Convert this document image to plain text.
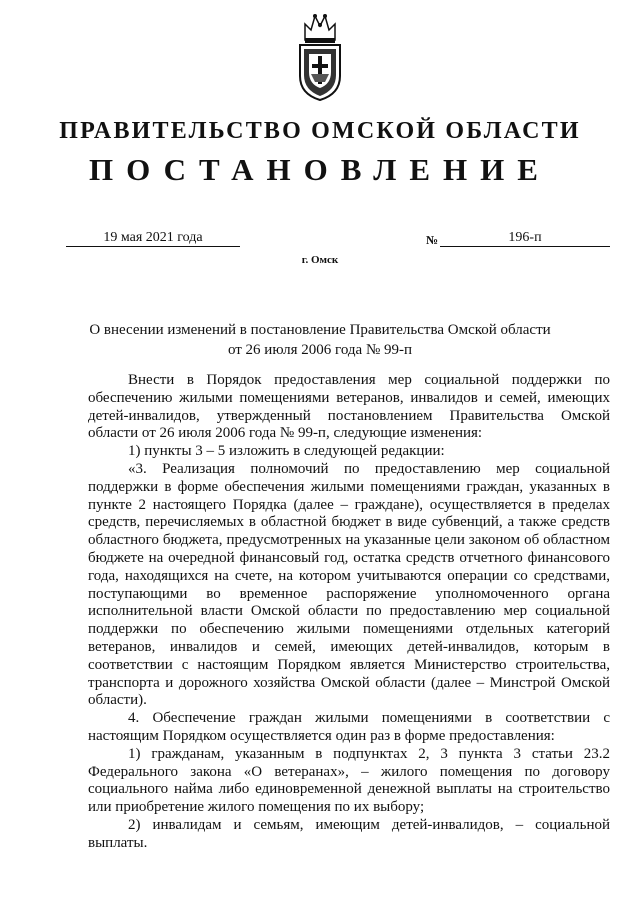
ПРАВИТЕЛЬСТВО ОМСКОЙ ОБЛАСТИ
ПОСТАНОВЛЕНИЕ
19 мая 2021 года	№	196-п
г. Омск
О внесении изменений в постановление Правительства Омской области
от 26 июля 2006 года № 99-п

Внести в Порядок предоставления мер социальной поддержки по обеспечению жилыми помещениями ветеранов, инвалидов и семей, имеющих детей-инвалидов, утвержденный постановлением Правительства Омской области от 26 июля 2006 года № 99-п, следующие изменения:

1) пункты 3 – 5 изложить в следующей редакции:

«3. Реализация полномочий по предоставлению мер социальной поддержки в форме обеспечения жилыми помещениями граждан, указанных в пункте 2 настоящего Порядка (далее – граждане), осуществляется в пределах средств, перечисляемых в областной бюджет в виде субвенций, а также средств областного бюджета, предусмотренных на указанные цели законом об областном бюджете на очередной финансовый год, остатка средств отчетного финансового года, находящихся на счете, на котором учитываются операции со средствами, поступающими во временное распоряжение уполномоченного органа исполнительной власти Омской области по предоставлению мер социальной поддержки по обеспечению жилыми помещениями отдельных категорий ветеранов, инвалидов и семей, имеющих детей-инвалидов, которым в соответствии с настоящим Порядком является Министерство строительства, транспорта и дорожного хозяйства Омской области (далее – Минстрой Омской области).

4. Обеспечение граждан жилыми помещениями в соответствии с настоящим Порядком осуществляется один раз в форме предоставления:

1) гражданам, указанным в подпунктах 2, 3 пункта 3 статьи 23.2 Федерального закона «О ветеранах», – жилого помещения по договору социального найма либо единовременной денежной выплаты на строительство или приобретение жилого помещения по их выбору;

2) инвалидам и семьям, имеющим детей-инвалидов, – социальной выплаты.
